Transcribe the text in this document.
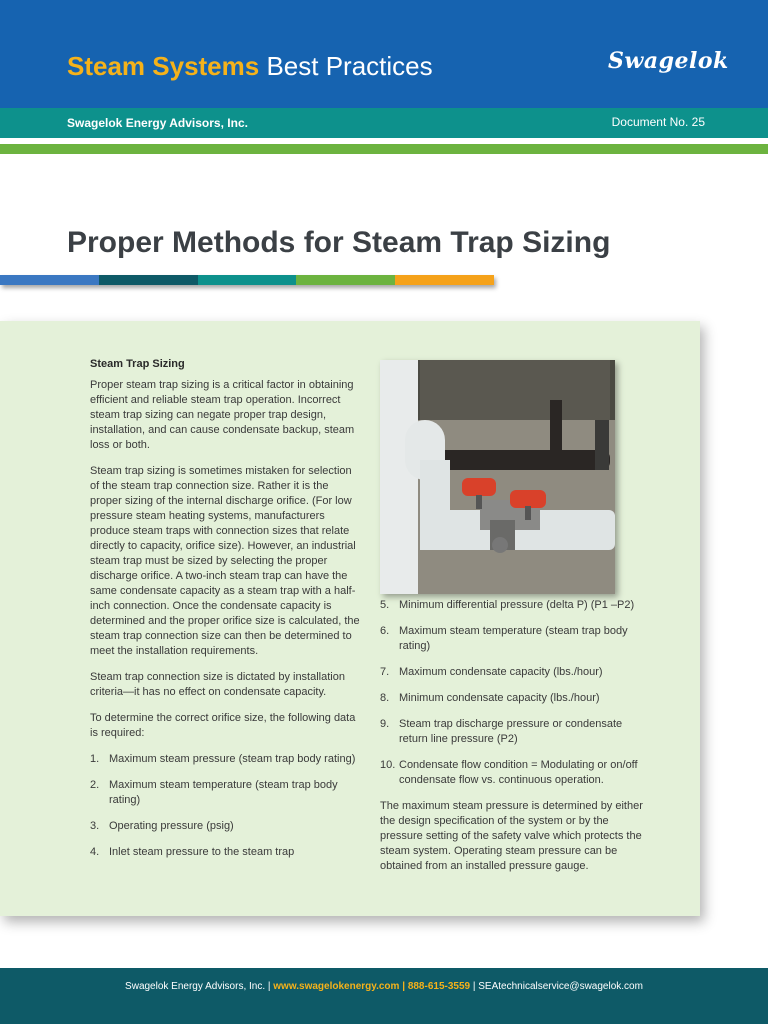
Steam Systems Best Practices	Swagelok
Swagelok Energy Advisors, Inc.	Document No. 25
Proper Methods for Steam Trap Sizing
Steam Trap Sizing

Proper steam trap sizing is a critical factor in obtaining efficient and reliable steam trap operation. Incorrect steam trap sizing can negate proper trap design, installation, and can cause condensate backup, steam loss or both.

Steam trap sizing is sometimes mistaken for selection of the steam trap connection size. Rather it is the proper sizing of the internal discharge orifice. (For low pressure steam heating systems, manufacturers produce steam traps with connection sizes that relate directly to capacity, orifice size). However, an industrial steam trap must be sized by selecting the proper discharge orifice. A two-inch steam trap can have the same condensate capacity as a steam trap with a half-inch connection. Once the condensate capacity is determined and the proper orifice size is calculated, the steam trap connection size can then be determined to meet the installation requirements.

Steam trap connection size is dictated by installation criteria—it has no effect on condensate capacity.

To determine the correct orifice size, the following data is required:

1. Maximum steam pressure (steam trap body rating)
2. Maximum steam temperature (steam trap body rating)
3. Operating pressure (psig)
4. Inlet steam pressure to the steam trap
5. Minimum differential pressure (delta P) (P1 –P2)
6. Maximum steam temperature (steam trap body rating)
7. Maximum condensate capacity (lbs./hour)
8. Minimum condensate capacity (lbs./hour)
9. Steam trap discharge pressure or condensate return line pressure (P2)
10. Condensate flow condition = Modulating or on/off condensate flow vs. continuous operation.

The maximum steam pressure is determined by either the design specification of the system or by the pressure setting of the safety valve which protects the steam system. Operating steam pressure can be obtained from an installed pressure gauge.

Swagelok Energy Advisors, Inc. | www.swagelokenergy.com | 888-615-3559 | SEAtechnicalservice@swagelok.com
